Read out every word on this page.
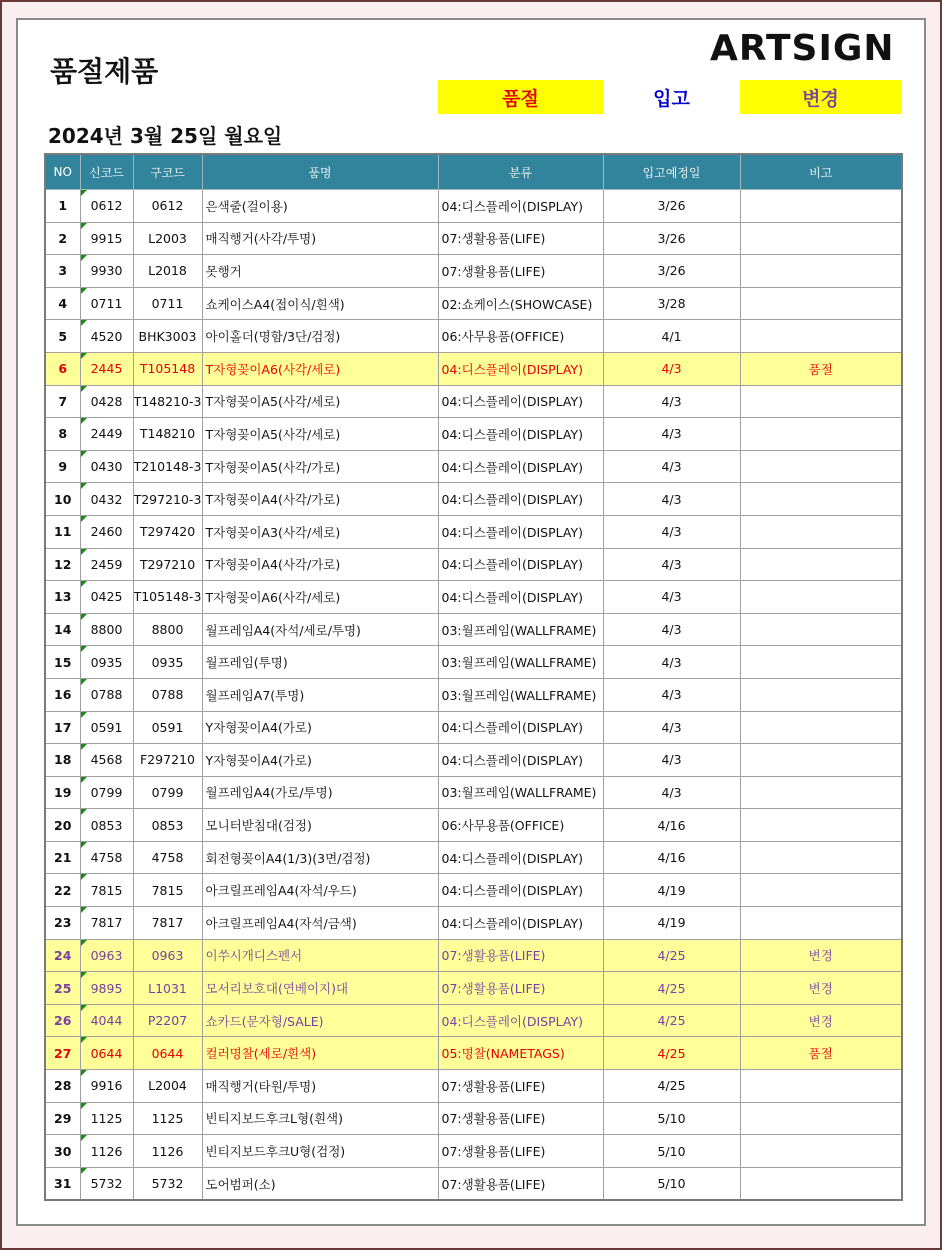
품절제품
ARTSIGN
품절	입고	변경
2024년 3월 25일 월요일
NO	신코드	구코드	품명	분류	입고예정일	비고
1	0612	0612	은색줄(걸이용)	04:디스플레이(DISPLAY)	3/26	
2	9915	L2003	매직행거(사각/투명)	07:생활용품(LIFE)	3/26	
3	9930	L2018	못행거	07:생활용품(LIFE)	3/26	
4	0711	0711	쇼케이스A4(접이식/흰색)	02:쇼케이스(SHOWCASE)	3/28	
5	4520	BHK3003	아이홀더(명함/3단/검정)	06:사무용품(OFFICE)	4/1	
6	2445	T105148	T자형꽂이A6(사각/세로)	04:디스플레이(DISPLAY)	4/3	품절
7	0428	T148210-3	T자형꽂이A5(사각/세로)	04:디스플레이(DISPLAY)	4/3	
8	2449	T148210	T자형꽂이A5(사각/세로)	04:디스플레이(DISPLAY)	4/3	
9	0430	T210148-3	T자형꽂이A5(사각/가로)	04:디스플레이(DISPLAY)	4/3	
10	0432	T297210-3	T자형꽂이A4(사각/가로)	04:디스플레이(DISPLAY)	4/3	
11	2460	T297420	T자형꽂이A3(사각/세로)	04:디스플레이(DISPLAY)	4/3	
12	2459	T297210	T자형꽂이A4(사각/가로)	04:디스플레이(DISPLAY)	4/3	
13	0425	T105148-3	T자형꽂이A6(사각/세로)	04:디스플레이(DISPLAY)	4/3	
14	8800	8800	월프레임A4(자석/세로/투명)	03:월프레임(WALLFRAME)	4/3	
15	0935	0935	월프레임(투명)	03:월프레임(WALLFRAME)	4/3	
16	0788	0788	월프레임A7(투명)	03:월프레임(WALLFRAME)	4/3	
17	0591	0591	Y자형꽂이A4(가로)	04:디스플레이(DISPLAY)	4/3	
18	4568	F297210	Y자형꽂이A4(가로)	04:디스플레이(DISPLAY)	4/3	
19	0799	0799	월프레임A4(가로/투명)	03:월프레임(WALLFRAME)	4/3	
20	0853	0853	모니터받침대(검정)	06:사무용품(OFFICE)	4/16	
21	4758	4758	회전형꽂이A4(1/3)(3면/검정)	04:디스플레이(DISPLAY)	4/16	
22	7815	7815	아크릴프레임A4(자석/우드)	04:디스플레이(DISPLAY)	4/19	
23	7817	7817	아크릴프레임A4(자석/금색)	04:디스플레이(DISPLAY)	4/19	
24	0963	0963	이쑤시개디스펜서	07:생활용품(LIFE)	4/25	변경
25	9895	L1031	모서리보호대(연베이지)대	07:생활용품(LIFE)	4/25	변경
26	4044	P2207	쇼카드(문자형/SALE)	04:디스플레이(DISPLAY)	4/25	변경
27	0644	0644	컬러명찰(세로/흰색)	05:명찰(NAMETAGS)	4/25	품절
28	9916	L2004	매직행거(타원/투명)	07:생활용품(LIFE)	4/25	
29	1125	1125	빈티지보드후크L형(흰색)	07:생활용품(LIFE)	5/10	
30	1126	1126	빈티지보드후크U형(검정)	07:생활용품(LIFE)	5/10	
31	5732	5732	도어범퍼(소)	07:생활용품(LIFE)	5/10	
